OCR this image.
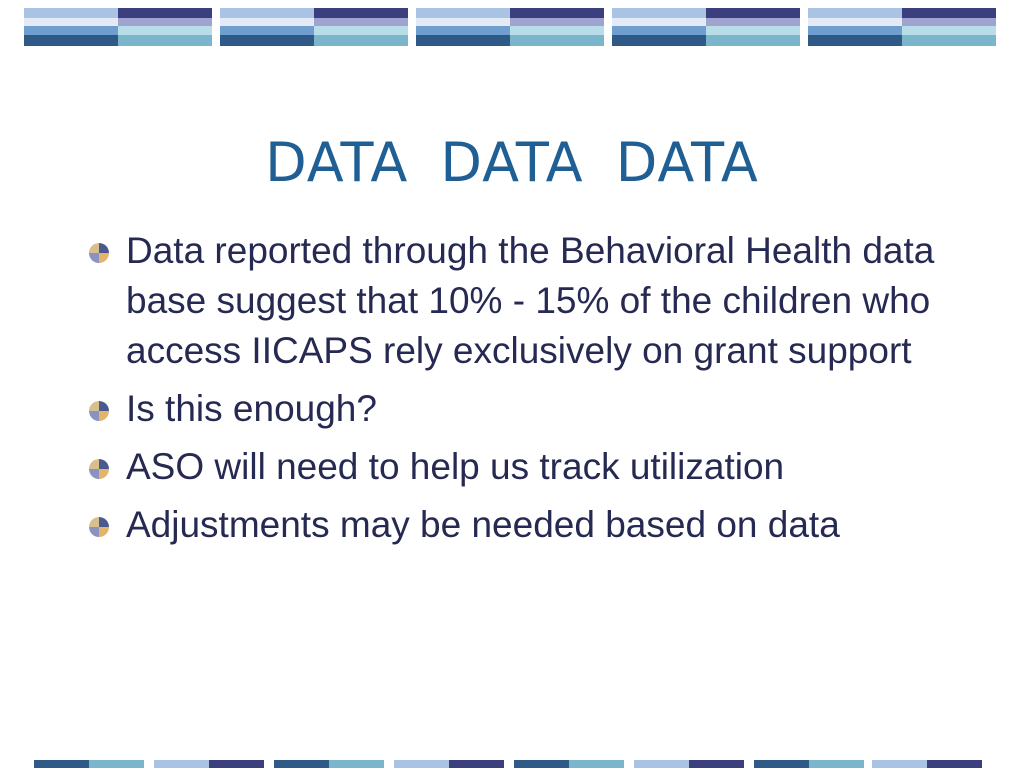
DATA DATA DATA
Data reported through the Behavioral Health data base suggest that 10% - 15% of the children who access IICAPS rely exclusively on grant support
Is this enough?
ASO will need to help us track utilization
Adjustments may be needed based on data
